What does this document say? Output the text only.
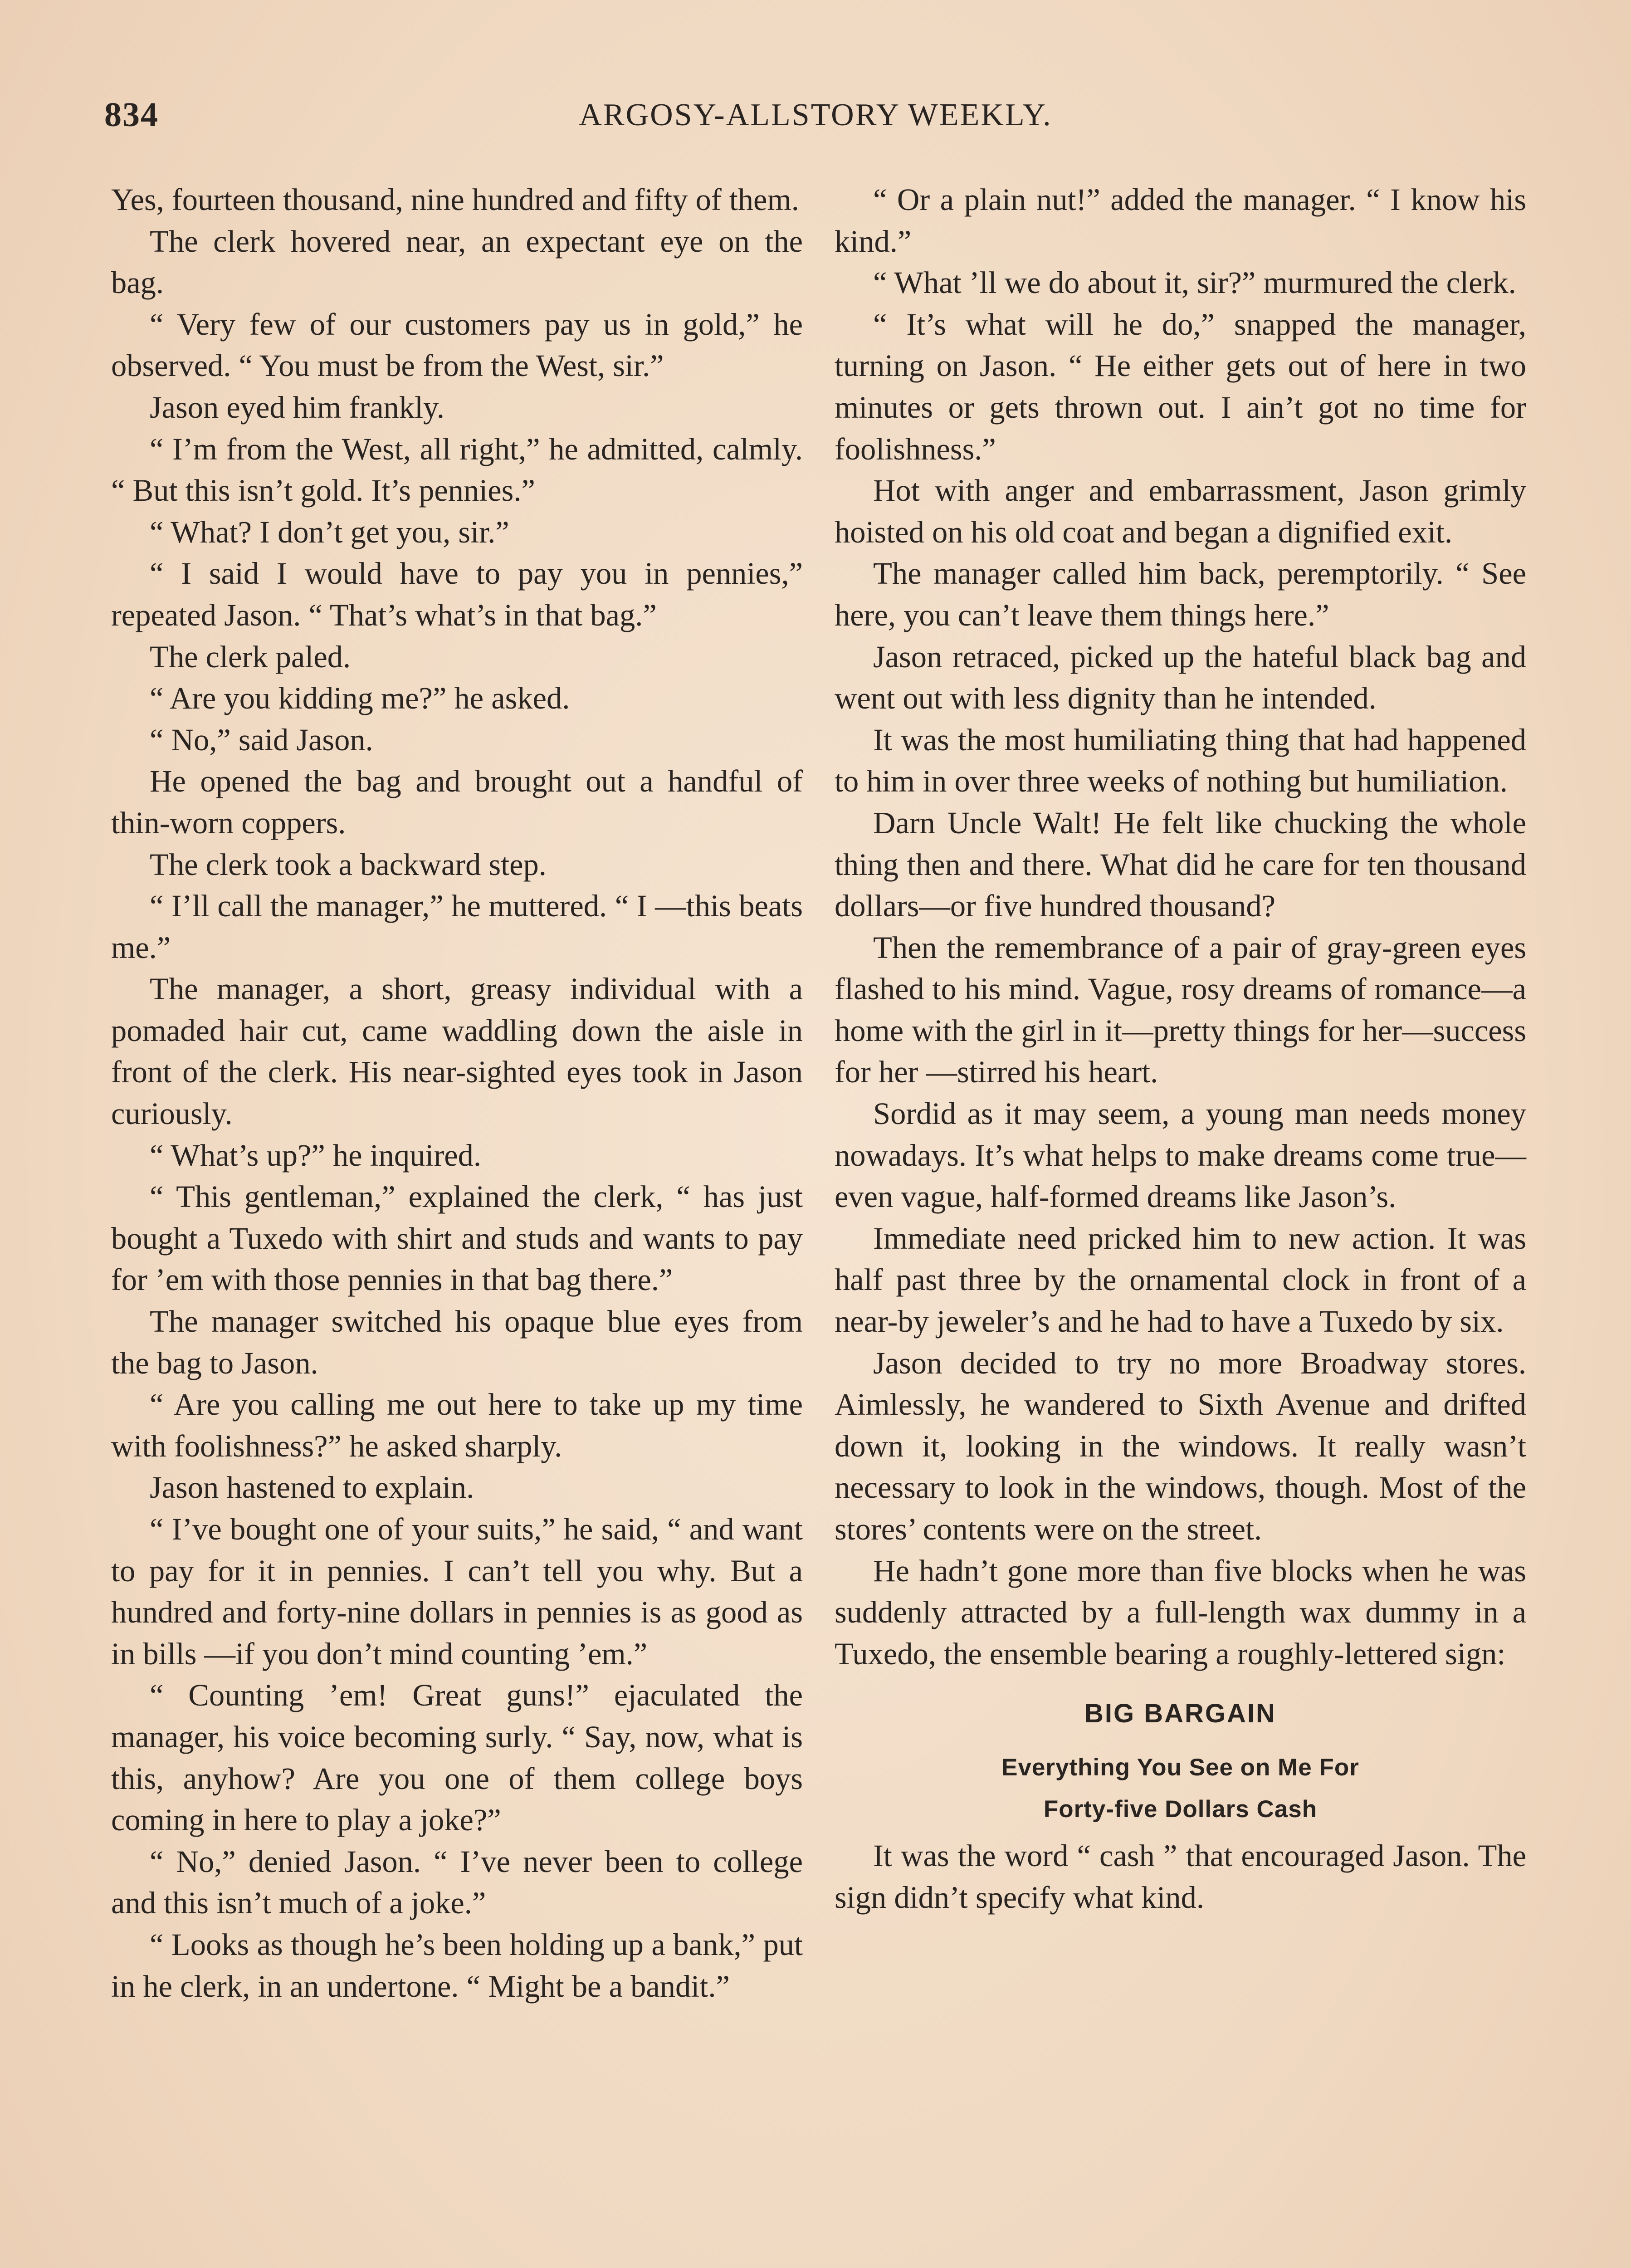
834	ARGOSY-ALLSTORY WEEKLY.

Yes, fourteen thousand, nine hundred and fifty of them.

The clerk hovered near, an expectant eye on the bag.

“ Very few of our customers pay us in gold,” he observed. “ You must be from the West, sir.”

Jason eyed him frankly.

“ I’m from the West, all right,” he admitted, calmly. “ But this isn’t gold. It’s pennies.”

“ What? I don’t get you, sir.”

“ I said I would have to pay you in pennies,” repeated Jason. “ That’s what’s in that bag.”

The clerk paled.

“ Are you kidding me?” he asked.

“ No,” said Jason.

He opened the bag and brought out a handful of thin-worn coppers.

The clerk took a backward step.

“ I’ll call the manager,” he muttered. “ I —this beats me.”

The manager, a short, greasy individual with a pomaded hair cut, came waddling down the aisle in front of the clerk. His near-sighted eyes took in Jason curiously.

“ What’s up?” he inquired.

“ This gentleman,” explained the clerk, “ has just bought a Tuxedo with shirt and studs and wants to pay for ’em with those pennies in that bag there.”

The manager switched his opaque blue eyes from the bag to Jason.

“ Are you calling me out here to take up my time with foolishness?” he asked sharply.

Jason hastened to explain.

“ I’ve bought one of your suits,” he said, “ and want to pay for it in pennies. I can’t tell you why. But a hundred and forty-nine dollars in pennies is as good as in bills —if you don’t mind counting ’em.”

“ Counting ’em! Great guns!” ejaculated the manager, his voice becoming surly. “ Say, now, what is this, anyhow? Are you one of them college boys coming in here to play a joke?”

“ No,” denied Jason. “ I’ve never been to college and this isn’t much of a joke.”

“ Looks as though he’s been holding up a bank,” put in he clerk, in an undertone. “ Might be a bandit.”

“ Or a plain nut!” added the manager. “ I know his kind.”

“ What ’ll we do about it, sir?” murmured the clerk.

“ It’s what will he do,” snapped the manager, turning on Jason. “ He either gets out of here in two minutes or gets thrown out. I ain’t got no time for foolishness.”

Hot with anger and embarrassment, Jason grimly hoisted on his old coat and began a dignified exit.

The manager called him back, peremptorily. “ See here, you can’t leave them things here.”

Jason retraced, picked up the hateful black bag and went out with less dignity than he intended.

It was the most humiliating thing that had happened to him in over three weeks of nothing but humiliation.

Darn Uncle Walt! He felt like chucking the whole thing then and there. What did he care for ten thousand dollars—or five hundred thousand?

Then the remembrance of a pair of gray-green eyes flashed to his mind. Vague, rosy dreams of romance—a home with the girl in it—pretty things for her—success for her —stirred his heart.

Sordid as it may seem, a young man needs money nowadays. It’s what helps to make dreams come true—even vague, half-formed dreams like Jason’s.

Immediate need pricked him to new action. It was half past three by the ornamental clock in front of a near-by jeweler’s and he had to have a Tuxedo by six.

Jason decided to try no more Broadway stores. Aimlessly, he wandered to Sixth Avenue and drifted down it, looking in the windows. It really wasn’t necessary to look in the windows, though. Most of the stores’ contents were on the street.

He hadn’t gone more than five blocks when he was suddenly attracted by a full-length wax dummy in a Tuxedo, the ensemble bearing a roughly-lettered sign:

BIG BARGAIN
Everything You See on Me For
Forty-five Dollars Cash

It was the word “ cash ” that encouraged Jason. The sign didn’t specify what kind.
